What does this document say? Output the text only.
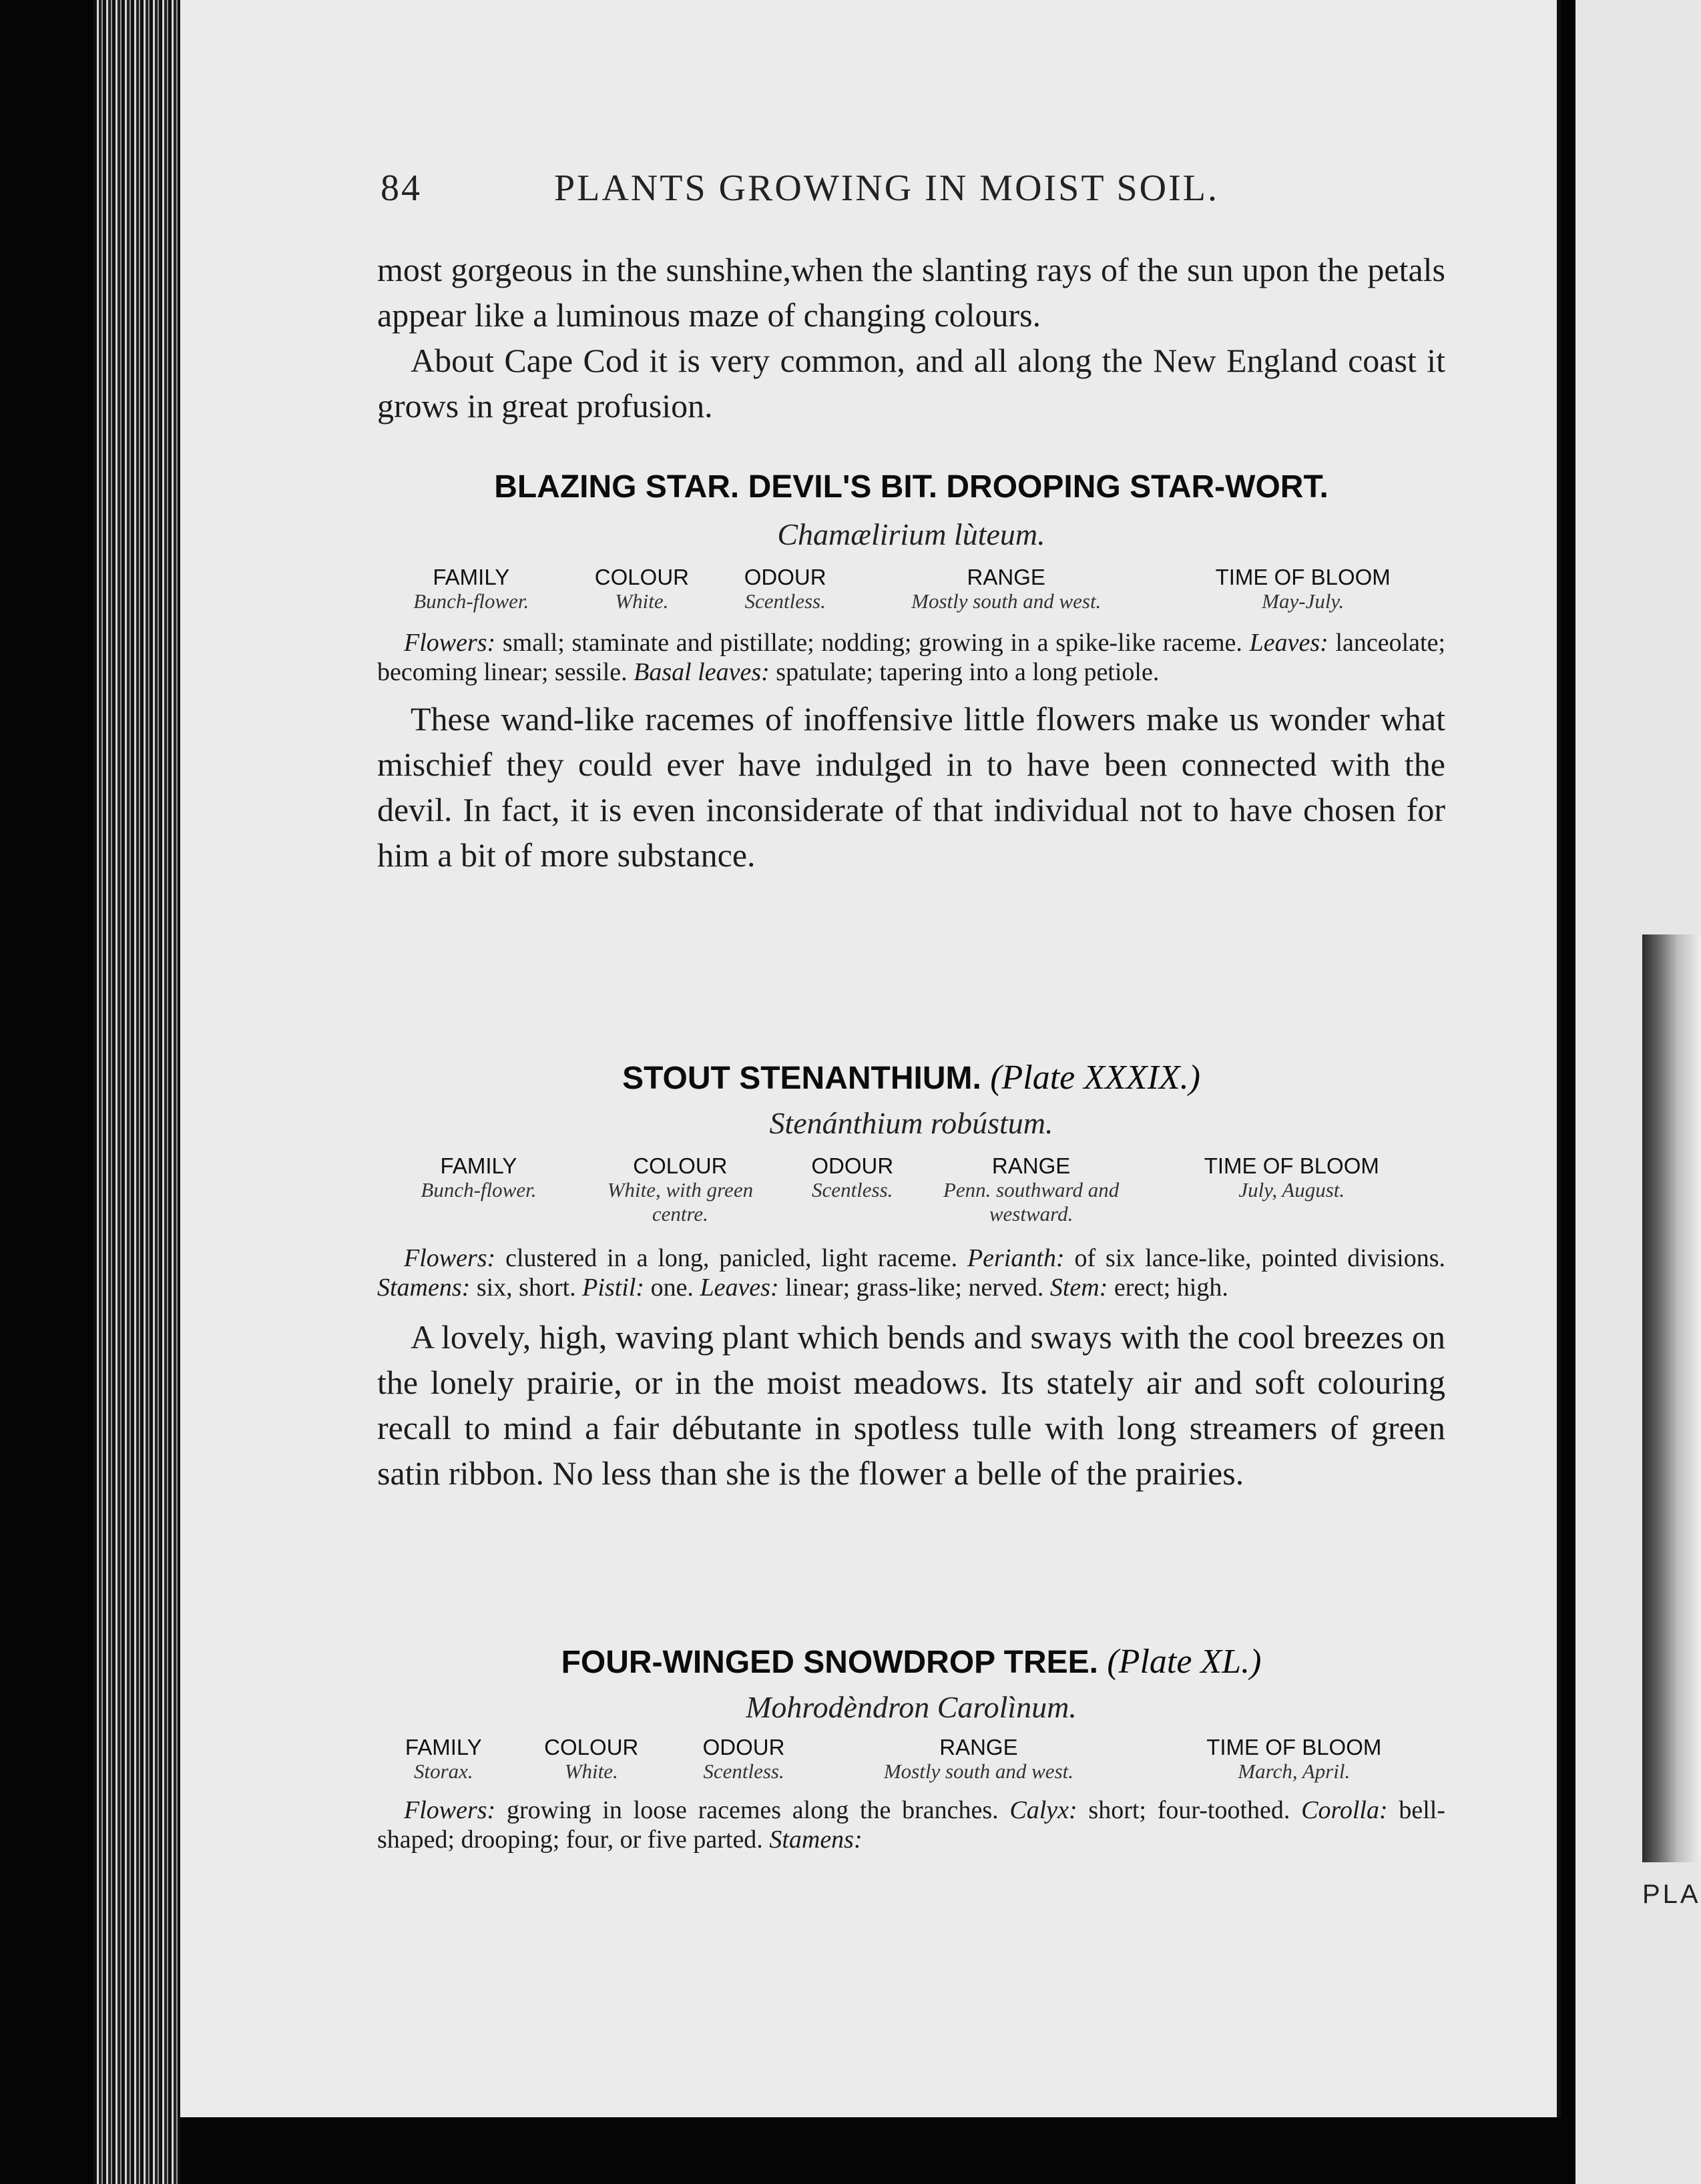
PLA
84	PLANTS GROWING IN MOIST SOIL.

most gorgeous in the sunshine,when the slanting rays of the sun upon the petals appear like a luminous maze of changing colours.

About Cape Cod it is very common, and all along the New England coast it grows in great profusion.

BLAZING STAR. DEVIL'S BIT. DROOPING STAR-WORT.
Chamælirium lùteum.
FAMILY	COLOUR	ODOUR	RANGE	TIME OF BLOOM
Bunch-flower.	White.	Scentless.	Mostly south and west.	May-July.

Flowers: small; staminate and pistillate; nodding; growing in a spike-like raceme. Leaves: lanceolate; becoming linear; sessile. Basal leaves: spatulate; tapering into a long petiole.

These wand-like racemes of inoffensive little flowers make us wonder what mischief they could ever have indulged in to have been connected with the devil. In fact, it is even inconsiderate of that individual not to have chosen for him a bit of more substance.

STOUT STENANTHIUM. (Plate XXXIX.)
Stenánthium robústum.
FAMILY	COLOUR	ODOUR	RANGE	TIME OF BLOOM
Bunch-flower.	White, with green centre.	Scentless.	Penn. southward and westward.	July, August.

Flowers: clustered in a long, panicled, light raceme. Perianth: of six lance-like, pointed divisions. Stamens: six, short. Pistil: one. Leaves: linear; grass-like; nerved. Stem: erect; high.

A lovely, high, waving plant which bends and sways with the cool breezes on the lonely prairie, or in the moist meadows. Its stately air and soft colouring recall to mind a fair débutante in spotless tulle with long streamers of green satin ribbon. No less than she is the flower a belle of the prairies.

FOUR-WINGED SNOWDROP TREE. (Plate XL.)
Mohrodèndron Carolìnum.
FAMILY	COLOUR	ODOUR	RANGE	TIME OF BLOOM
Storax.	White.	Scentless.	Mostly south and west.	March, April.

Flowers: growing in loose racemes along the branches. Calyx: short; four-toothed. Corolla: bell-shaped; drooping; four, or five parted. Stamens:
